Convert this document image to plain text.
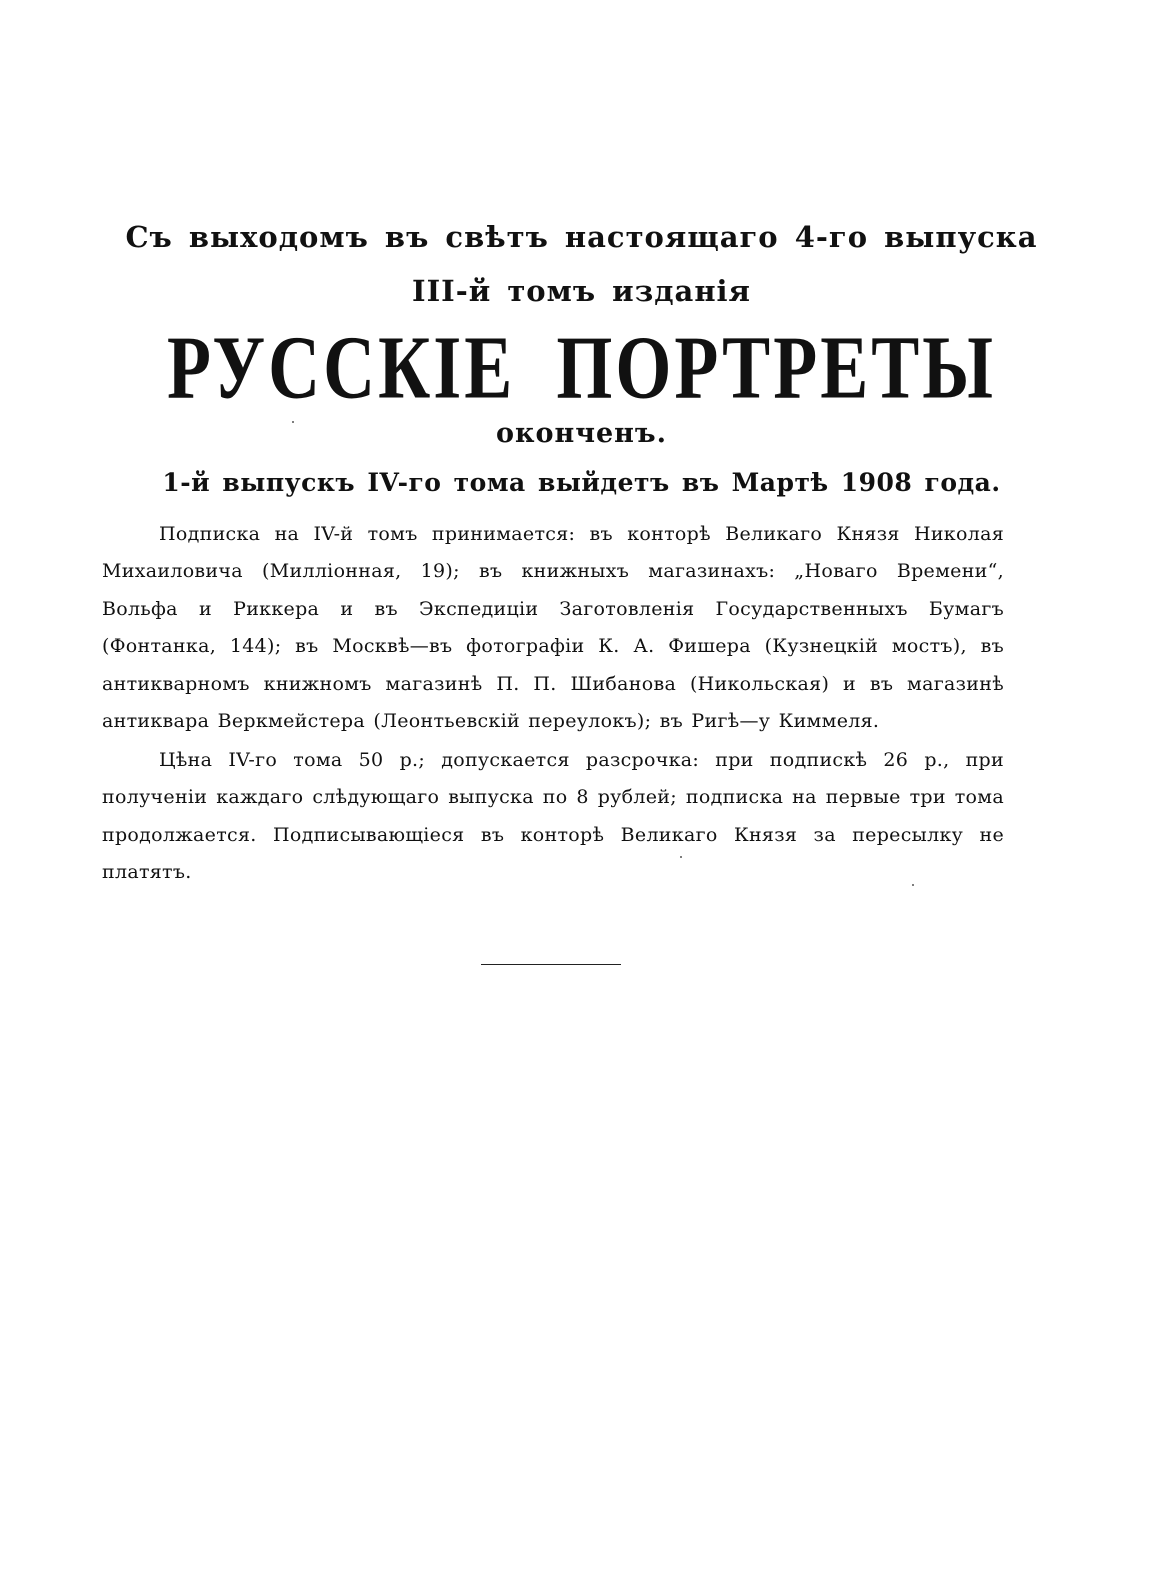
Съ выходомъ въ свѣтъ настоящаго 4-го выпуска
III-й томъ изданія
РУССКІЕ ПОРТРЕТЫ
оконченъ.
1-й выпускъ IV-го тома выйдетъ въ Мартѣ 1908 года.

Подписка на IV-й томъ принимается: въ конторѣ Великаго Князя Николая Михаиловича (Милліонная, 19); въ книжныхъ магазинахъ: „Новаго Времени“, Вольфа и Риккера и въ Экспедиціи Заготовленія Государственныхъ Бумагъ (Фонтанка, 144); въ Москвѣ—въ фотографіи К. А. Фишера (Кузнецкій мостъ), въ антикварномъ книжномъ магазинѣ П. П. Шибанова (Никольская) и въ магазинѣ антиквара Веркмейстера (Леонтьевскій переулокъ); въ Ригѣ—у Киммеля.

Цѣна IV-го тома 50 р.; допускается разсрочка: при подпискѣ 26 р., при полученіи каждаго слѣдующаго выпуска по 8 рублей; подписка на первые три тома продолжается. Подписывающіеся въ конторѣ Великаго Князя за пересылку не платятъ.
